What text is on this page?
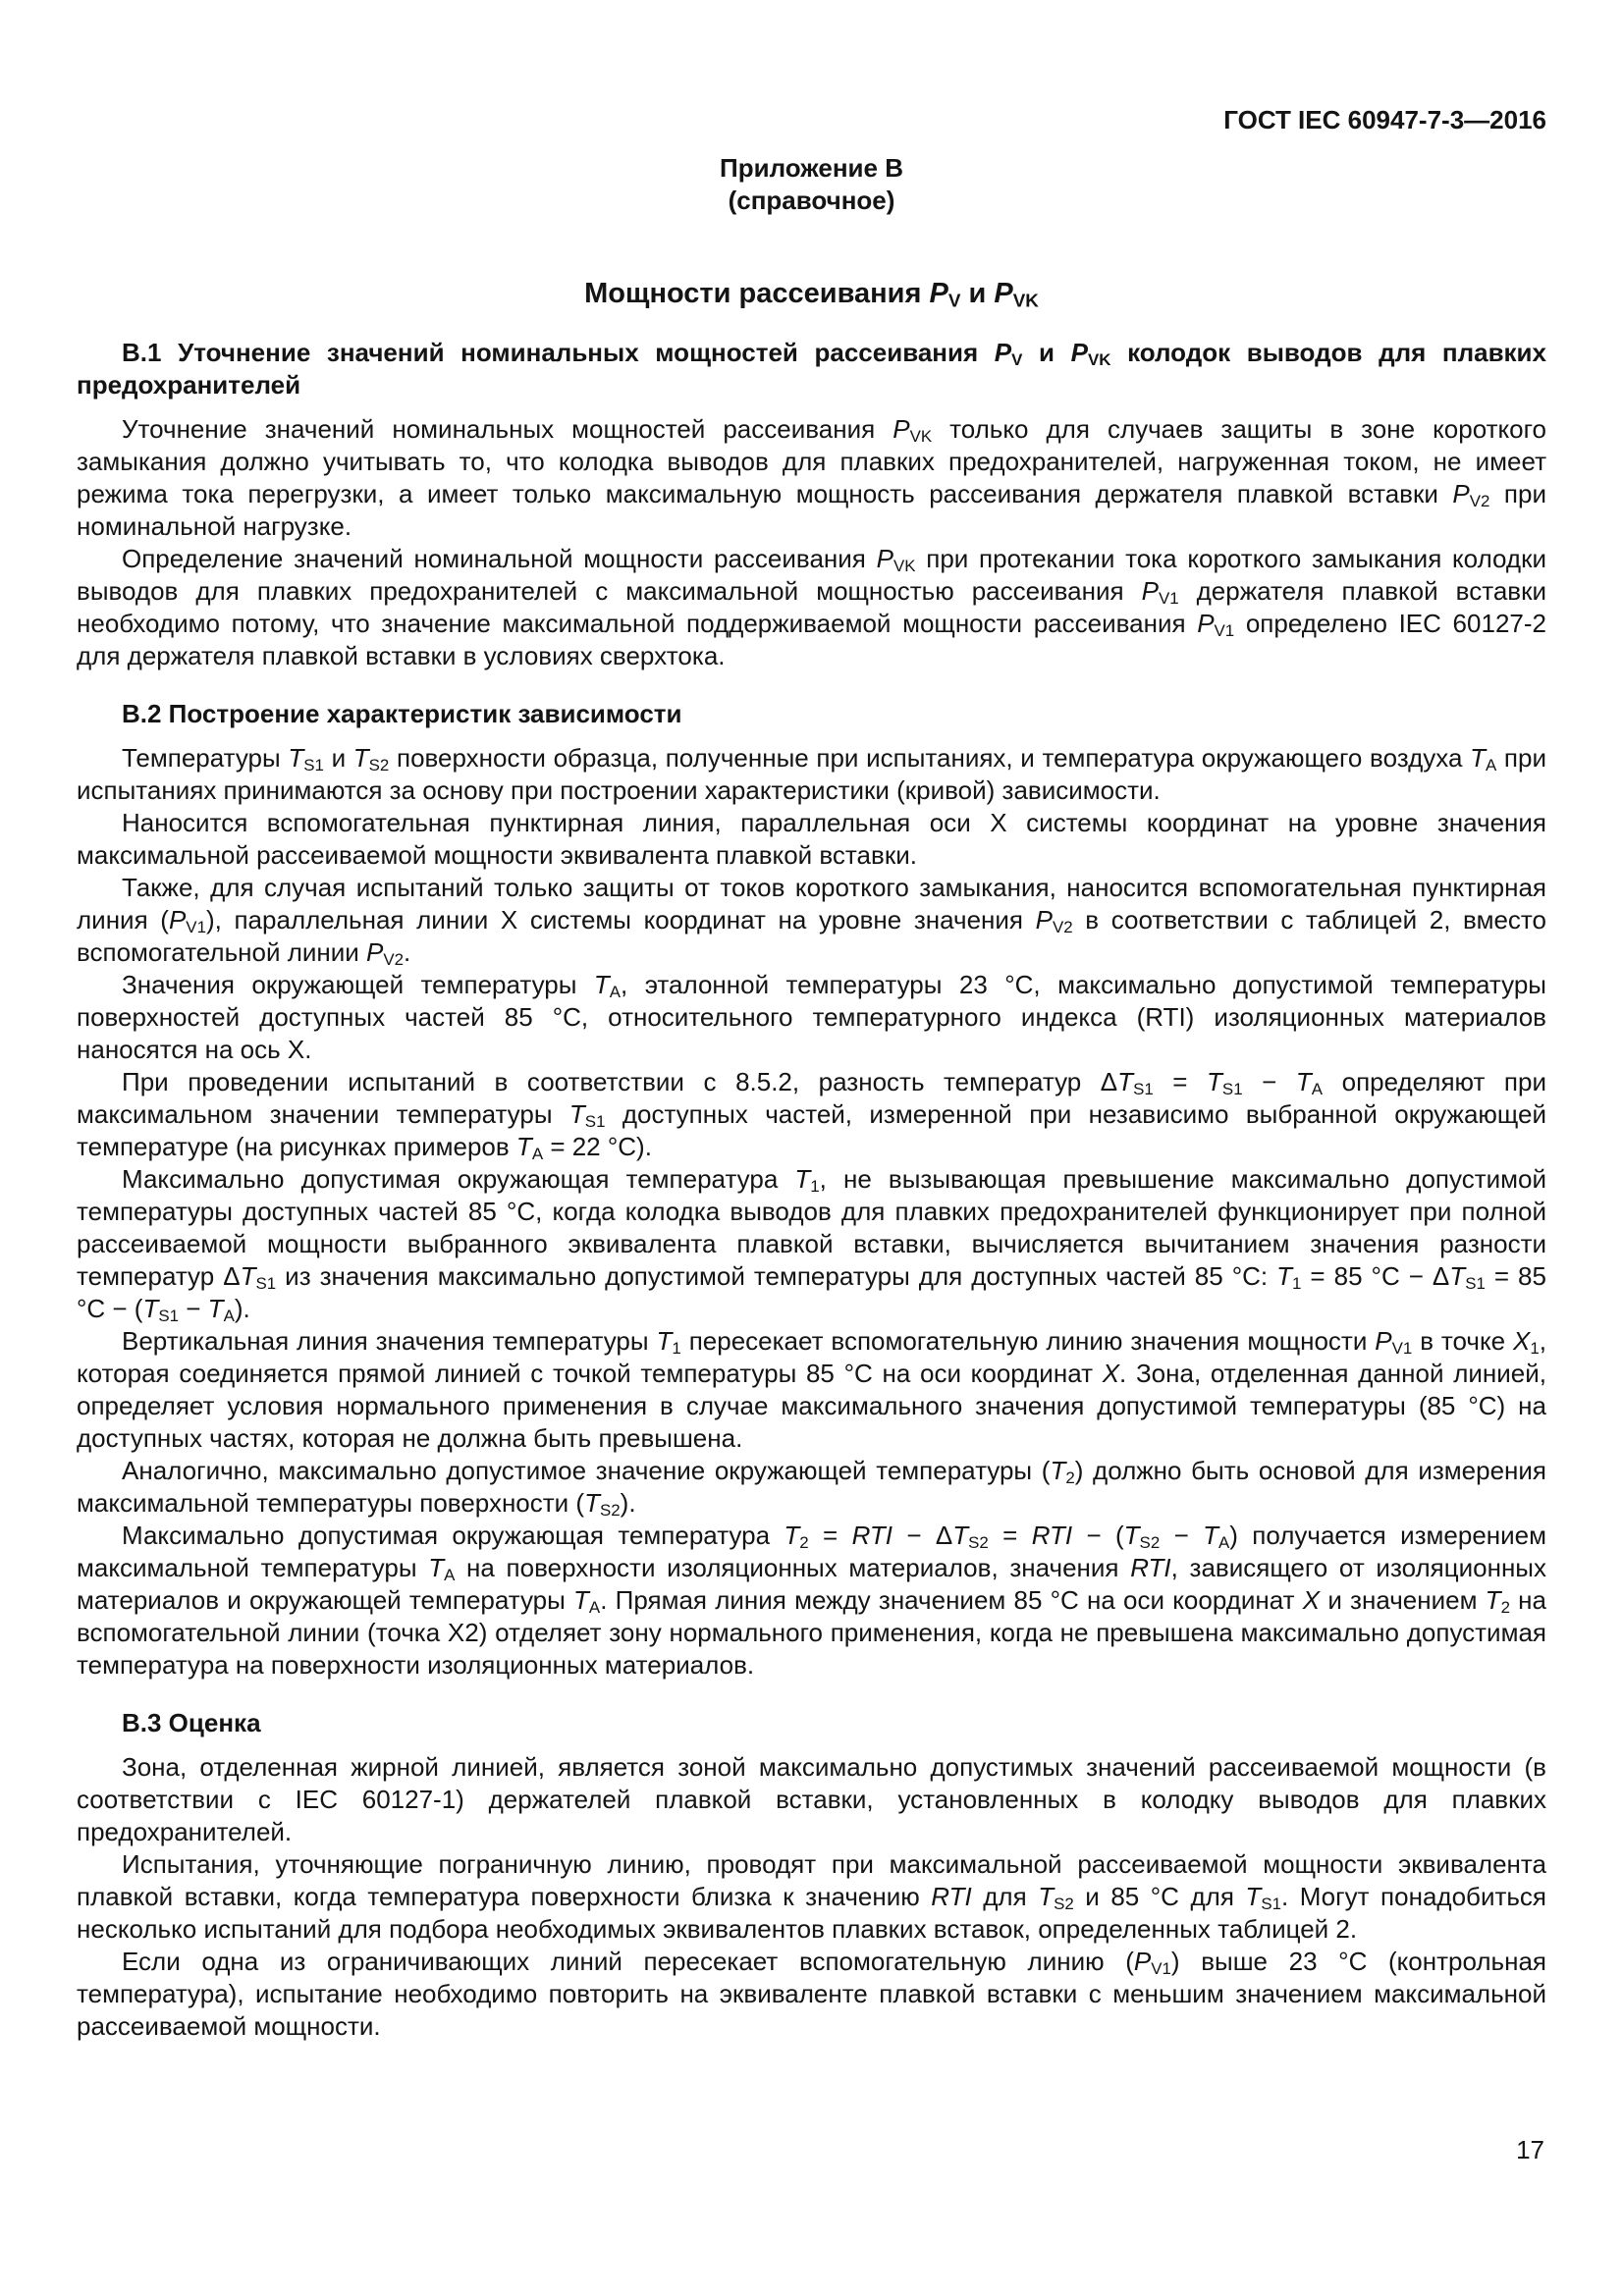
ГОСТ IEC 60947-7-3—2016
Приложение В
(справочное)
Мощности рассеивания $P_V$ и $P_{VK}$
В.1 Уточнение значений номинальных мощностей рассеивания $P_V$ и $P_{VK}$ колодок выводов для плавких предохранителей

Уточнение значений номинальных мощностей рассеивания $P_{VK}$ только для случаев защиты в зоне короткого замыкания должно учитывать то, что колодка выводов для плавких предохранителей, нагруженная током, не имеет режима тока перегрузки, а имеет только максимальную мощность рассеивания держателя плавкой вставки $P_{V2}$ при номинальной нагрузке.

Определение значений номинальной мощности рассеивания $P_{VK}$ при протекании тока короткого замыкания колодки выводов для плавких предохранителей с максимальной мощностью рассеивания $P_{V1}$ держателя плавкой вставки необходимо потому, что значение максимальной поддерживаемой мощности рассеивания $P_{V1}$ определено IEC 60127-2 для держателя плавкой вставки в условиях сверхтока.

В.2 Построение характеристик зависимости

Температуры $T_{S1}$ и $T_{S2}$ поверхности образца, полученные при испытаниях, и температура окружающего воздуха $T_A$ при испытаниях принимаются за основу при построении характеристики (кривой) зависимости.

Наносится вспомогательная пунктирная линия, параллельная оси X системы координат на уровне значения максимальной рассеиваемой мощности эквивалента плавкой вставки.

Также, для случая испытаний только защиты от токов короткого замыкания, наносится вспомогательная пунктирная линия $(P_{V1})$, параллельная линии X системы координат на уровне значения $P_{V2}$ в соответствии с таблицей 2, вместо вспомогательной линии $P_{V2}$.

Значения окружающей температуры $T_A$, эталонной температуры 23 °C, максимально допустимой температуры поверхностей доступных частей 85 °C, относительного температурного индекса (RTI) изоляционных материалов наносятся на ось X.

При проведении испытаний в соответствии с 8.5.2, разность температур $\Delta T_{S1} = T_{S1} - T_A$ определяют при максимальном значении температуры $T_{S1}$ доступных частей, измеренной при независимо выбранной окружающей температуре (на рисунках примеров $T_A = 22$ °C).

Максимально допустимая окружающая температура $T_1$, не вызывающая превышение максимально допустимой температуры доступных частей 85 °C, когда колодка выводов для плавких предохранителей функционирует при полной рассеиваемой мощности выбранного эквивалента плавкой вставки, вычисляется вычитанием значения разности температур $\Delta T_{S1}$ из значения максимально допустимой температуры для доступных частей 85 °C: $T_1 = 85$ $^\circ C - \Delta T_{S1} = 85$ $^\circ C - (T_{S1} - T_A)$.

Вертикальная линия значения температуры $T_1$ пересекает вспомогательную линию значения мощности $P_{V1}$ в точке $X_1$, которая соединяется прямой линией с точкой температуры 85 °C на оси координат X. Зона, отделенная данной линией, определяет условия нормального применения в случае максимального значения допустимой температуры (85 °C) на доступных частях, которая не должна быть превышена.

Аналогично, максимально допустимое значение окружающей температуры $(T_2)$ должно быть основой для измерения максимальной температуры поверхности $(T_{S2})$.

Максимально допустимая окружающая температура $T_2$ = RTI − $\Delta T_{S2}$ = RTI − $(T_{S2} - T_A)$ получается измерением максимальной температуры $T_A$ на поверхности изоляционных материалов, значения RTI, зависящего от изоляционных материалов и окружающей температуры $T_A$. Прямая линия между значением 85 °C на оси координат X и значением $T_2$ на вспомогательной линии (точка X2) отделяет зону нормального применения, когда не превышена максимально допустимая температура на поверхности изоляционных материалов.

В.3 Оценка

Зона, отделенная жирной линией, является зоной максимально допустимых значений рассеиваемой мощности (в соответствии с IEC 60127-1) держателей плавкой вставки, установленных в колодку выводов для плавких предохранителей.

Испытания, уточняющие пограничную линию, проводят при максимальной рассеиваемой мощности эквивалента плавкой вставки, когда температура поверхности близка к значению RTI для $T_{S2}$ и 85 °C для $T_{S1}$. Могут понадобиться несколько испытаний для подбора необходимых эквивалентов плавких вставок, определенных таблицей 2.

Если одна из ограничивающих линий пересекает вспомогательную линию $(P_{V1})$ выше 23 °C (контрольная температура), испытание необходимо повторить на эквиваленте плавкой вставки с меньшим значением максимальной рассеиваемой мощности.

17
